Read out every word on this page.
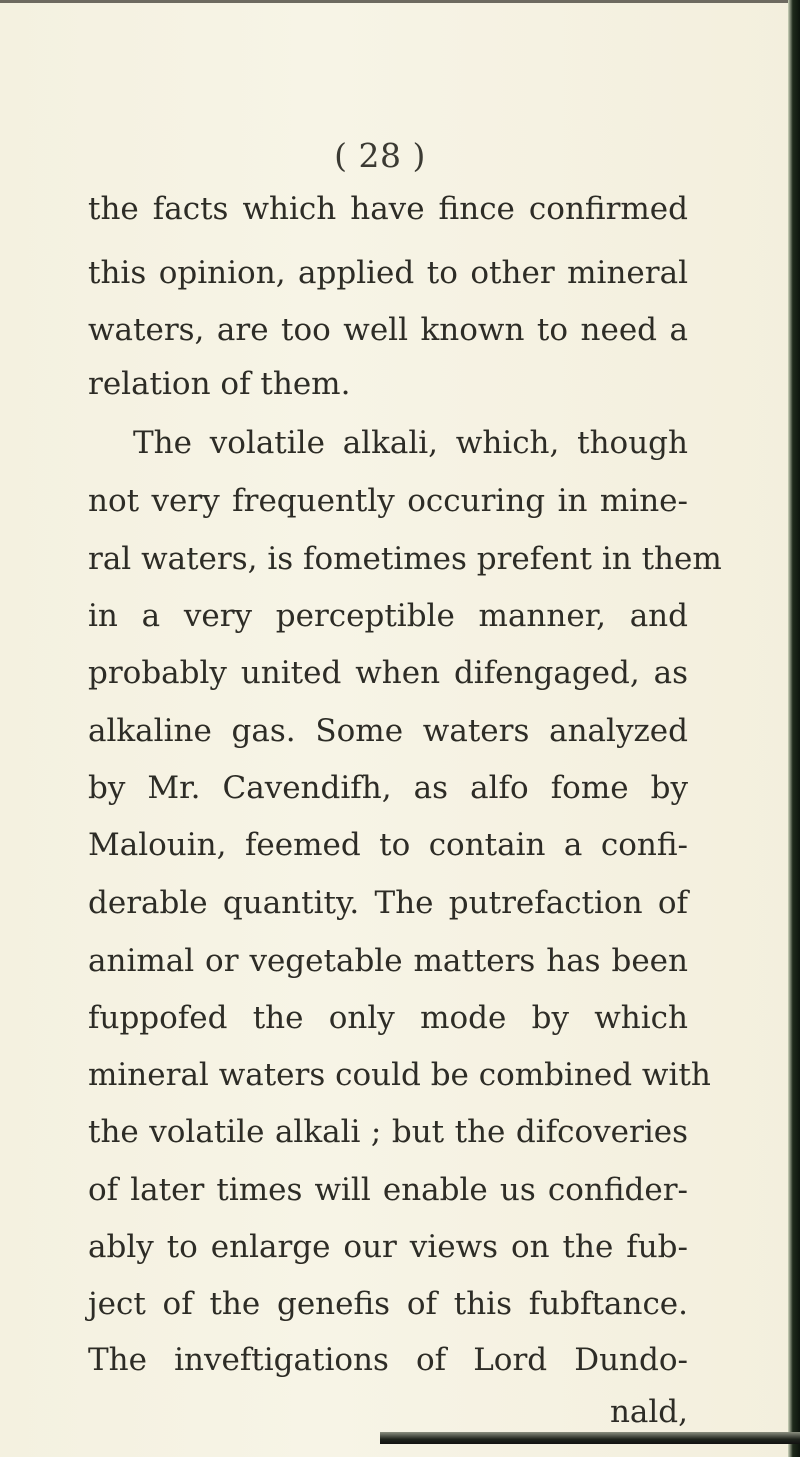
( 28 )
the facts which have fince confirmed
this opinion, applied to other mineral
waters, are too well known to need a
relation of them.
The volatile alkali, which, though
not very frequently occuring in mine-
ral waters, is fometimes prefent in them
in a very perceptible manner, and
probably united when difengaged, as
alkaline gas. Some waters analyzed
by Mr. Cavendifh, as alfo fome by
Malouin, feemed to contain a confi-
derable quantity. The putrefaction of
animal or vegetable matters has been
fuppofed the only mode by which
mineral waters could be combined with
the volatile alkali ; but the difcoveries
of later times will enable us confider-
ably to enlarge our views on the fub-
ject of the genefis of this fubftance.
The inveftigations of Lord Dundo-
nald,
